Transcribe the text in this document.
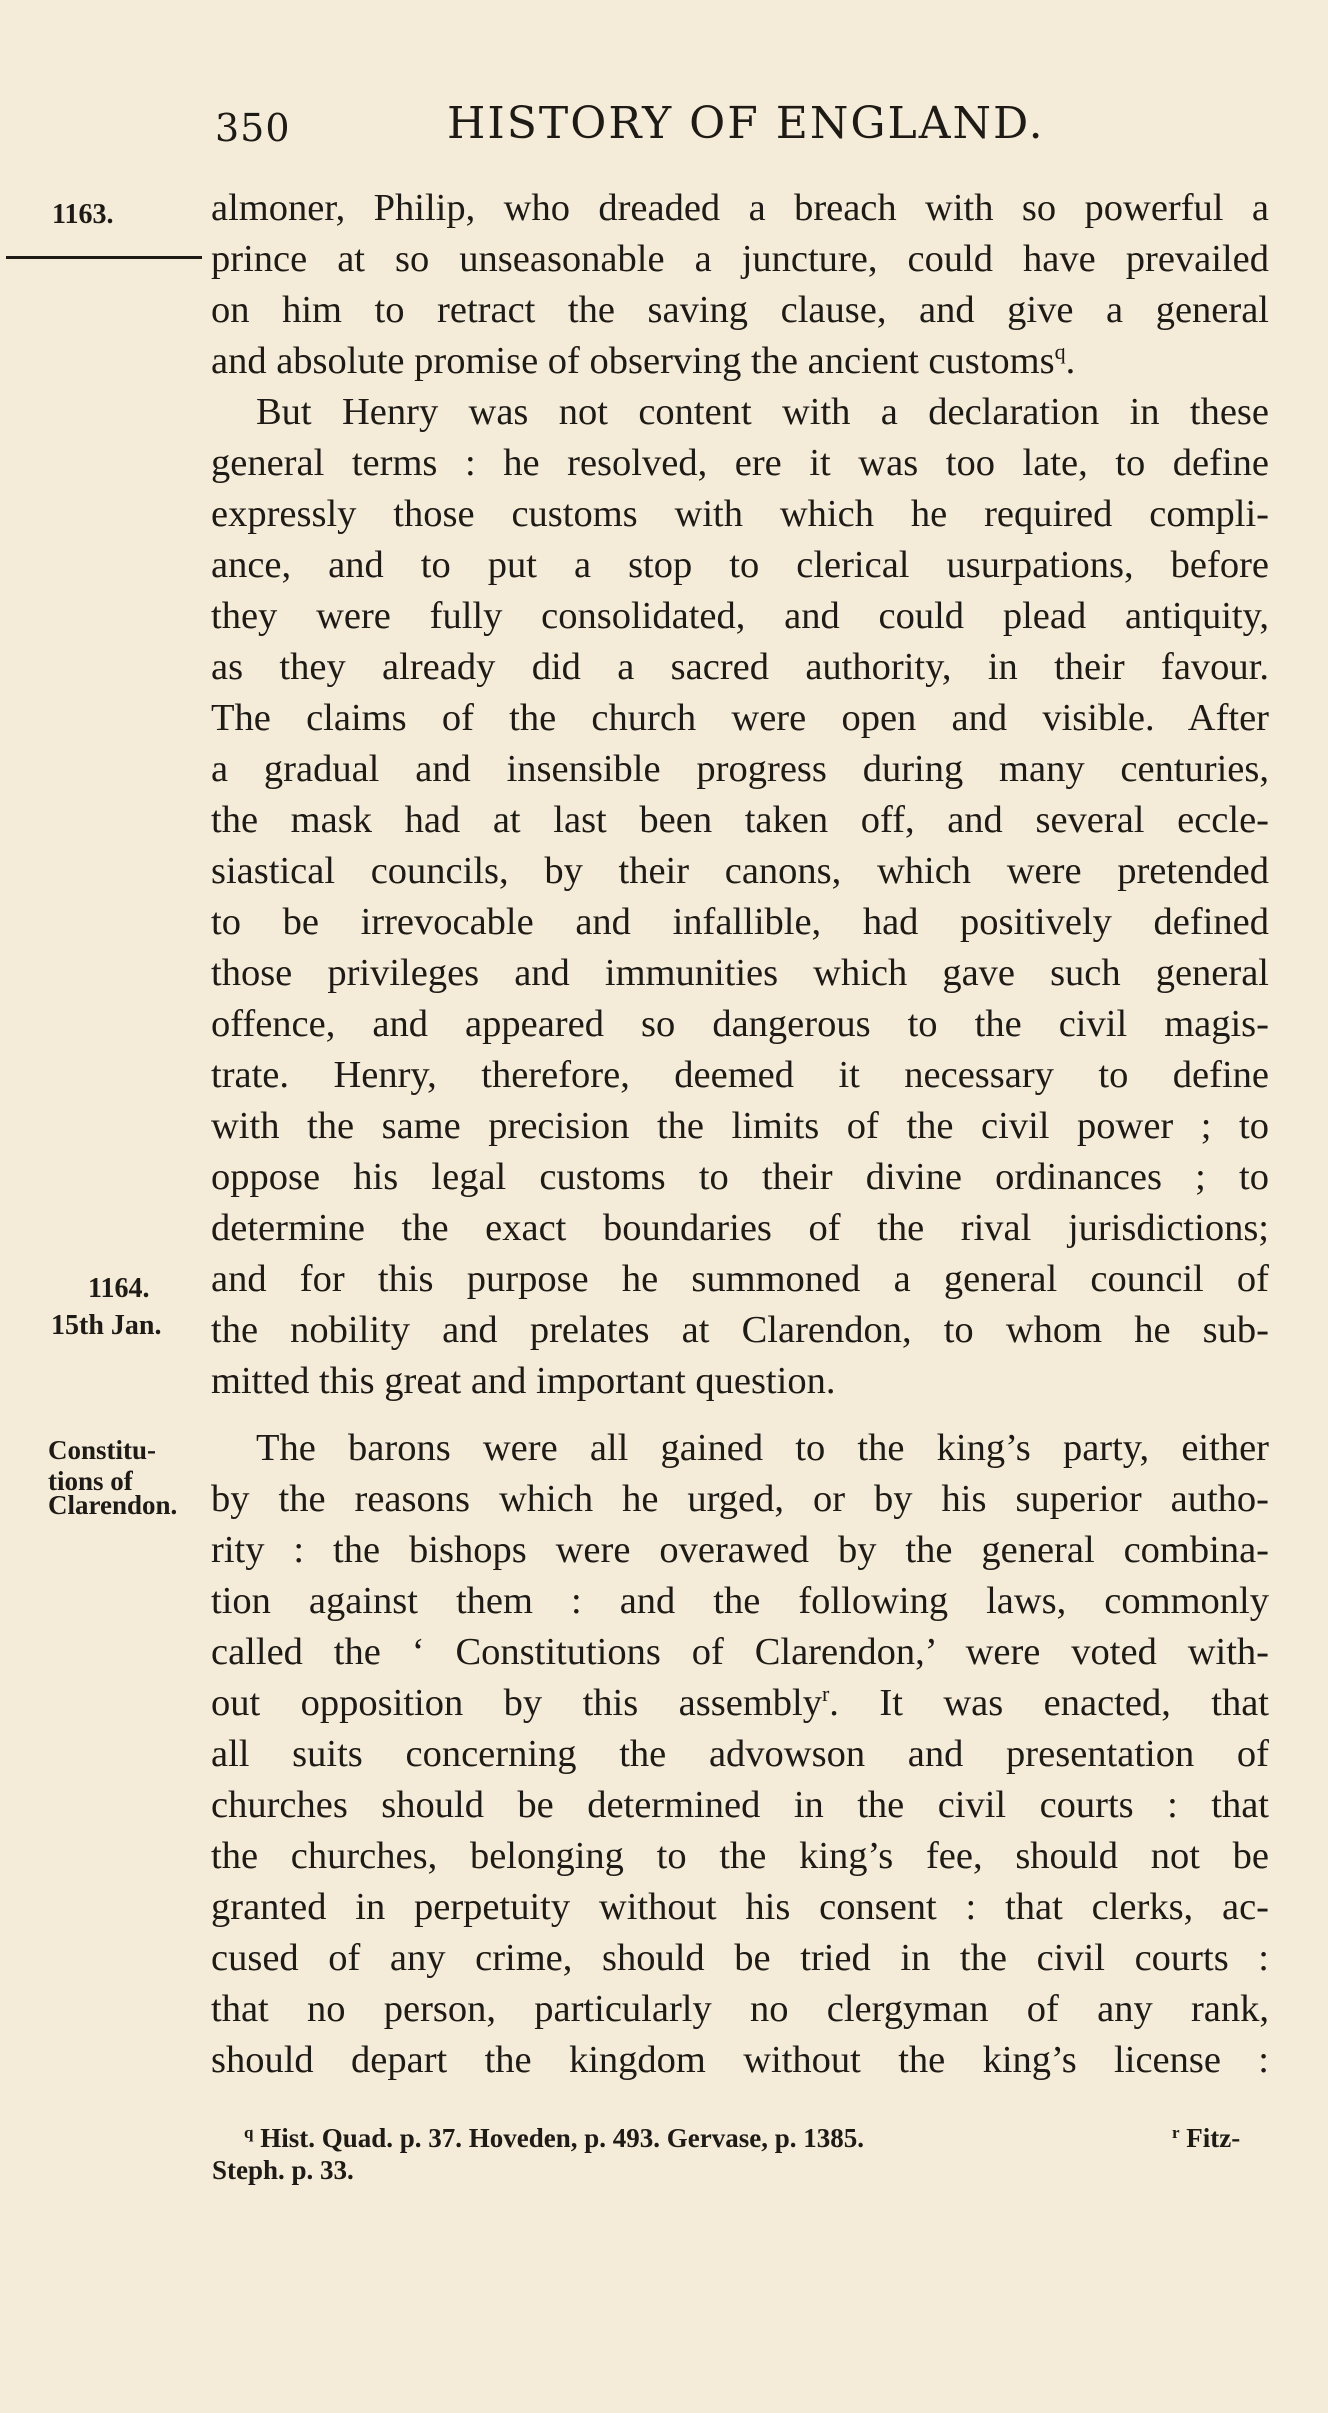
350	HISTORY OF ENGLAND.
1163.
1164.
15th Jan.
Constitu-
tions of
Clarendon.
almoner, Philip, who dreaded a breach with so powerful a
prince at so unseasonable a juncture, could have prevailed
on him to retract the saving clause, and give a general
and absolute promise of observing the ancient customs$^q$.
But Henry was not content with a declaration in these
general terms : he resolved, ere it was too late, to define
expressly those customs with which he required compli-
ance, and to put a stop to clerical usurpations, before
they were fully consolidated, and could plead antiquity,
as they already did a sacred authority, in their favour.
The claims of the church were open and visible. After
a gradual and insensible progress during many centuries,
the mask had at last been taken off, and several eccle-
siastical councils, by their canons, which were pretended
to be irrevocable and infallible, had positively defined
those privileges and immunities which gave such general
offence, and appeared so dangerous to the civil magis-
trate. Henry, therefore, deemed it necessary to define
with the same precision the limits of the civil power ; to
oppose his legal customs to their divine ordinances ; to
determine the exact boundaries of the rival jurisdictions;
and for this purpose he summoned a general council of
the nobility and prelates at Clarendon, to whom he sub-
mitted this great and important question.
The barons were all gained to the king’s party, either
by the reasons which he urged, or by his superior autho-
rity : the bishops were overawed by the general combina-
tion against them : and the following laws, commonly
called the ‘ Constitutions of Clarendon,’ were voted with-
out opposition by this assembly$^r$. It was enacted, that
all suits concerning the advowson and presentation of
churches should be determined in the civil courts : that
the churches, belonging to the king’s fee, should not be
granted in perpetuity without his consent : that clerks, ac-
cused of any crime, should be tried in the civil courts :
that no person, particularly no clergyman of any rank,
should depart the kingdom without the king’s license :
$^q$ Hist. Quad. p. 37. Hoveden, p. 493. Gervase, p. 1385.	$^r$ Fitz-
Steph. p. 33.
